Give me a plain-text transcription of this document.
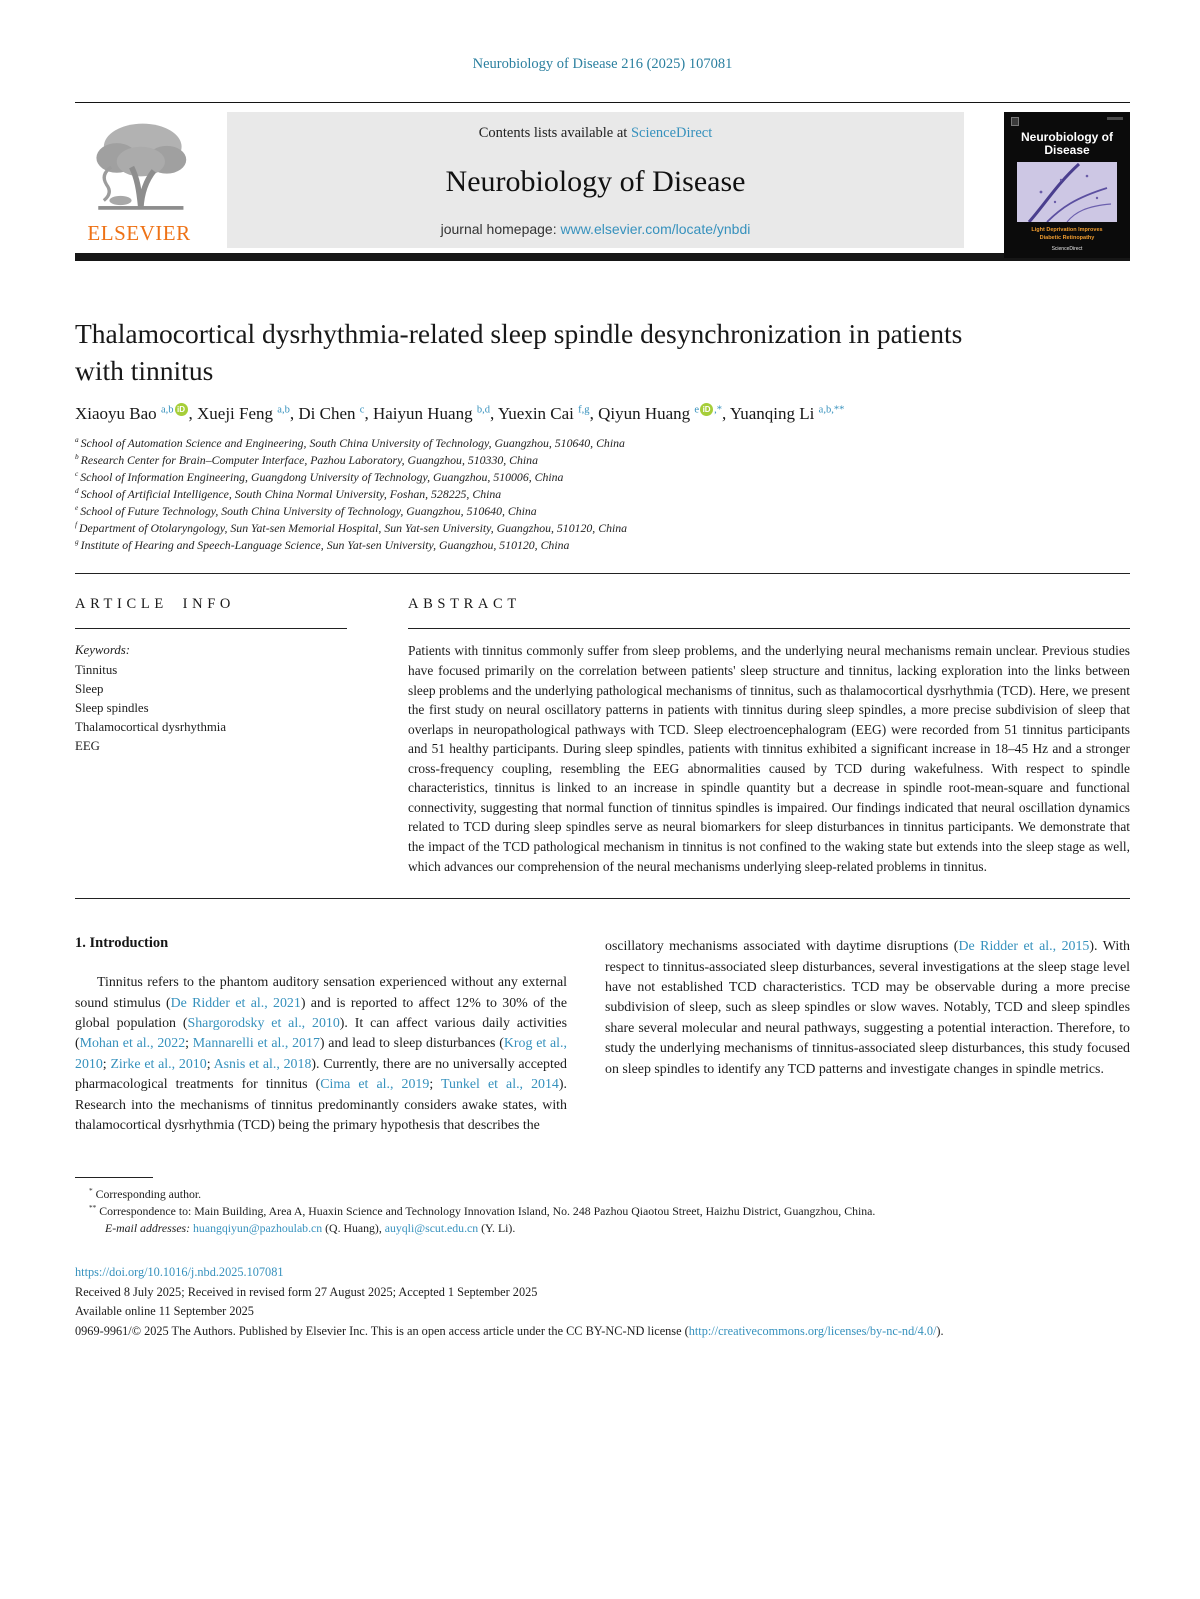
Neurobiology of Disease 216 (2025) 107081
ELSEVIER
Contents lists available at ScienceDirect
Neurobiology of Disease
journal homepage: www.elsevier.com/locate/ynbdi
Neurobiology of Disease
Light Deprivation Improves
Diabetic Retinopathy
ScienceDirect
Thalamocortical dysrhythmia-related sleep spindle desynchronization in patients with tinnitus
Xiaoyu Bao $^{a,b}$ iD , Xueji Feng $^{a,b}$, Di Chen $^c$, Haiyun Huang $^{b,d}$, Yuexin Cai $^{f,g}$, Qiyun Huang $^e$ iD ,*, Yuanqing Li $^{a,b,**}$
$^a$ School of Automation Science and Engineering, South China University of Technology, Guangzhou, 510640, China
$^b$ Research Center for Brain–Computer Interface, Pazhou Laboratory, Guangzhou, 510330, China
$^c$ School of Information Engineering, Guangdong University of Technology, Guangzhou, 510006, China
$^d$ School of Artificial Intelligence, South China Normal University, Foshan, 528225, China
$^e$ School of Future Technology, South China University of Technology, Guangzhou, 510640, China
$^f$ Department of Otolaryngology, Sun Yat-sen Memorial Hospital, Sun Yat-sen University, Guangzhou, 510120, China
$^g$ Institute of Hearing and Speech-Language Science, Sun Yat-sen University, Guangzhou, 510120, China
ARTICLE INFO
Keywords:
Tinnitus
Sleep
Sleep spindles
Thalamocortical dysrhythmia
EEG
ABSTRACT
Patients with tinnitus commonly suffer from sleep problems, and the underlying neural mechanisms remain unclear. Previous studies have focused primarily on the correlation between patients' sleep structure and tinnitus, lacking exploration into the links between sleep problems and the underlying pathological mechanisms of tinnitus, such as thalamocortical dysrhythmia (TCD). Here, we present the first study on neural oscillatory patterns in patients with tinnitus during sleep spindles, a more precise subdivision of sleep that overlaps in neuropathological pathways with TCD. Sleep electroencephalogram (EEG) were recorded from 51 tinnitus participants and 51 healthy participants. During sleep spindles, patients with tinnitus exhibited a significant increase in 18–45 Hz and a stronger cross-frequency coupling, resembling the EEG abnormalities caused by TCD during wakefulness. With respect to spindle characteristics, tinnitus is linked to an increase in spindle quantity but a decrease in spindle root-mean-square and functional connectivity, suggesting that normal function of tinnitus spindles is impaired. Our findings indicated that neural oscillation dynamics related to TCD during sleep spindles serve as neural biomarkers for sleep disturbances in tinnitus participants. We demonstrate that the impact of the TCD pathological mechanism in tinnitus is not confined to the waking state but extends into the sleep stage as well, which advances our comprehension of the neural mechanisms underlying sleep-related problems in tinnitus.
1. Introduction
Tinnitus refers to the phantom auditory sensation experienced without any external sound stimulus (De Ridder et al., 2021) and is reported to affect 12% to 30% of the global population (Shargorodsky et al., 2010). It can affect various daily activities (Mohan et al., 2022; Mannarelli et al., 2017) and lead to sleep disturbances (Krog et al., 2010; Zirke et al., 2010; Asnis et al., 2018). Currently, there are no universally accepted pharmacological treatments for tinnitus (Cima et al., 2019; Tunkel et al., 2014). Research into the mechanisms of tinnitus predominantly considers awake states, with thalamocortical dysrhythmia (TCD) being the primary hypothesis that describes the
oscillatory mechanisms associated with daytime disruptions (De Ridder et al., 2015). With respect to tinnitus-associated sleep disturbances, several investigations at the sleep stage level have not established TCD characteristics. TCD may be observable during a more precise subdivision of sleep, such as sleep spindles or slow waves. Notably, TCD and sleep spindles share several molecular and neural pathways, suggesting a potential interaction. Therefore, to study the underlying mechanisms of tinnitus-associated sleep disturbances, this study focused on sleep spindles to identify any TCD patterns and investigate changes in spindle metrics.
* Corresponding author.
** Correspondence to: Main Building, Area A, Huaxin Science and Technology Innovation Island, No. 248 Pazhou Qiaotou Street, Haizhu District, Guangzhou, China.
E-mail addresses: huangqiyun@pazhoulab.cn (Q. Huang), auyqli@scut.edu.cn (Y. Li).
https://doi.org/10.1016/j.nbd.2025.107081
Received 8 July 2025; Received in revised form 27 August 2025; Accepted 1 September 2025
Available online 11 September 2025
0969-9961/© 2025 The Authors. Published by Elsevier Inc. This is an open access article under the CC BY-NC-ND license (http://creativecommons.org/licenses/by-nc-nd/4.0/).
